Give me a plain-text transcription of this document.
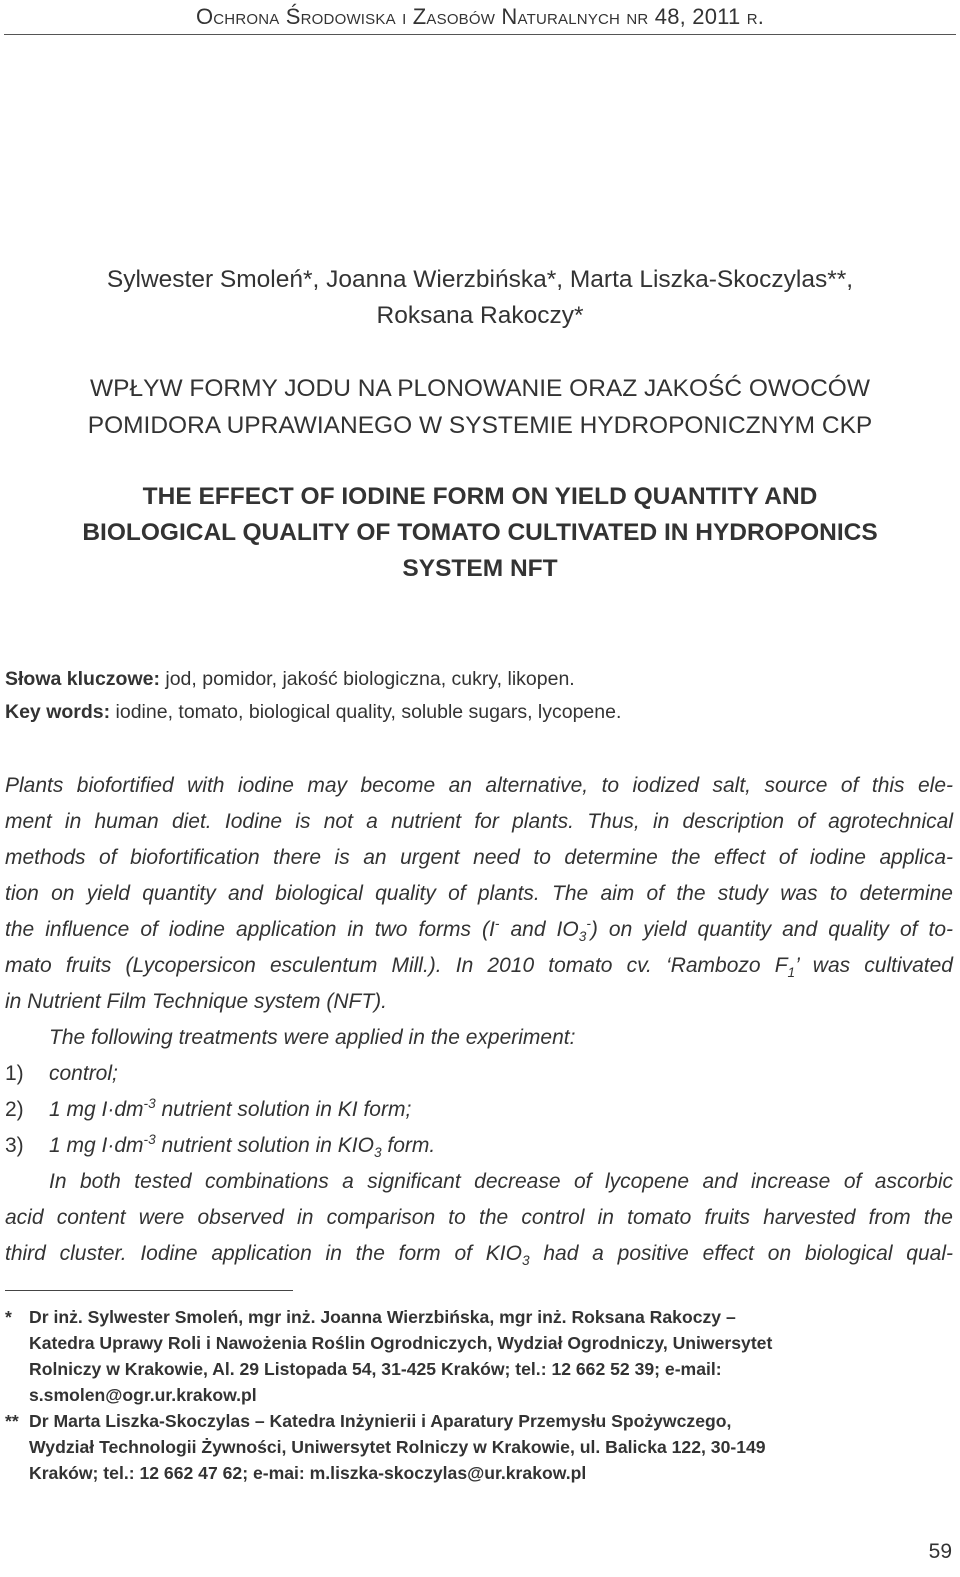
Ochrona Środowiska i Zasobów Naturalnych nr 48, 2011 r.
Sylwester Smoleń*, Joanna Wierzbińska*, Marta Liszka-Skoczylas**,
Roksana Rakoczy*
WPŁYW FORMY JODU NA PLONOWANIE ORAZ JAKOŚĆ OWOCÓW
POMIDORA UPRAWIANEGO W SYSTEMIE HYDROPONICZNYM CKP
THE EFFECT OF IODINE FORM ON YIELD QUANTITY AND
BIOLOGICAL QUALITY OF TOMATO CULTIVATED IN HYDROPONICS
SYSTEM NFT
Słowa kluczowe: jod, pomidor, jakość biologiczna, cukry, likopen.
Key words: iodine, tomato, biological quality, soluble sugars, lycopene.
Plants biofortified with iodine may become an alternative, to iodized salt, source of this ele-
ment in human diet. Iodine is not a nutrient for plants. Thus, in description of agrotechnical
methods of biofortification there is an urgent need to determine the effect of iodine applica-
tion on yield quantity and biological quality of plants. The aim of the study was to determine
the influence of iodine application in two forms (I- and $IO_3^-$) on yield quantity and quality of to-
mato fruits (Lycopersicon esculentum Mill.). In 2010 tomato cv. ‘Rambozo $F_1$’ was cultivated
in Nutrient Film Technique system (NFT).
The following treatments were applied in the experiment:
1)	control;
2)	1 mg $I\cdot dm^{-3}$ nutrient solution in KI form;
3)	1 mg $I\cdot dm^{-3}$ nutrient solution in $KIO_3$ form.
In both tested combinations a significant decrease of lycopene and increase of ascorbic
acid content were observed in comparison to the control in tomato fruits harvested from the
third cluster. Iodine application in the form of $KIO_3$ had a positive effect on biological qual-
* Dr inż. Sylwester Smoleń, mgr inż. Joanna Wierzbińska, mgr inż. Roksana Rakoczy –
Katedra Uprawy Roli i Nawożenia Roślin Ogrodniczych, Wydział Ogrodniczy, Uniwersytet
Rolniczy w Krakowie, Al. 29 Listopada 54, 31-425 Kraków; tel.: 12 662 52 39; e-mail:
s.smolen@ogr.ur.krakow.pl
** Dr Marta Liszka-Skoczylas – Katedra Inżynierii i Aparatury Przemysłu Spożywczego,
Wydział Technologii Żywności, Uniwersytet Rolniczy w Krakowie, ul. Balicka 122, 30-149
Kraków; tel.: 12 662 47 62; e-mai: m.liszka-skoczylas@ur.krakow.pl
59
